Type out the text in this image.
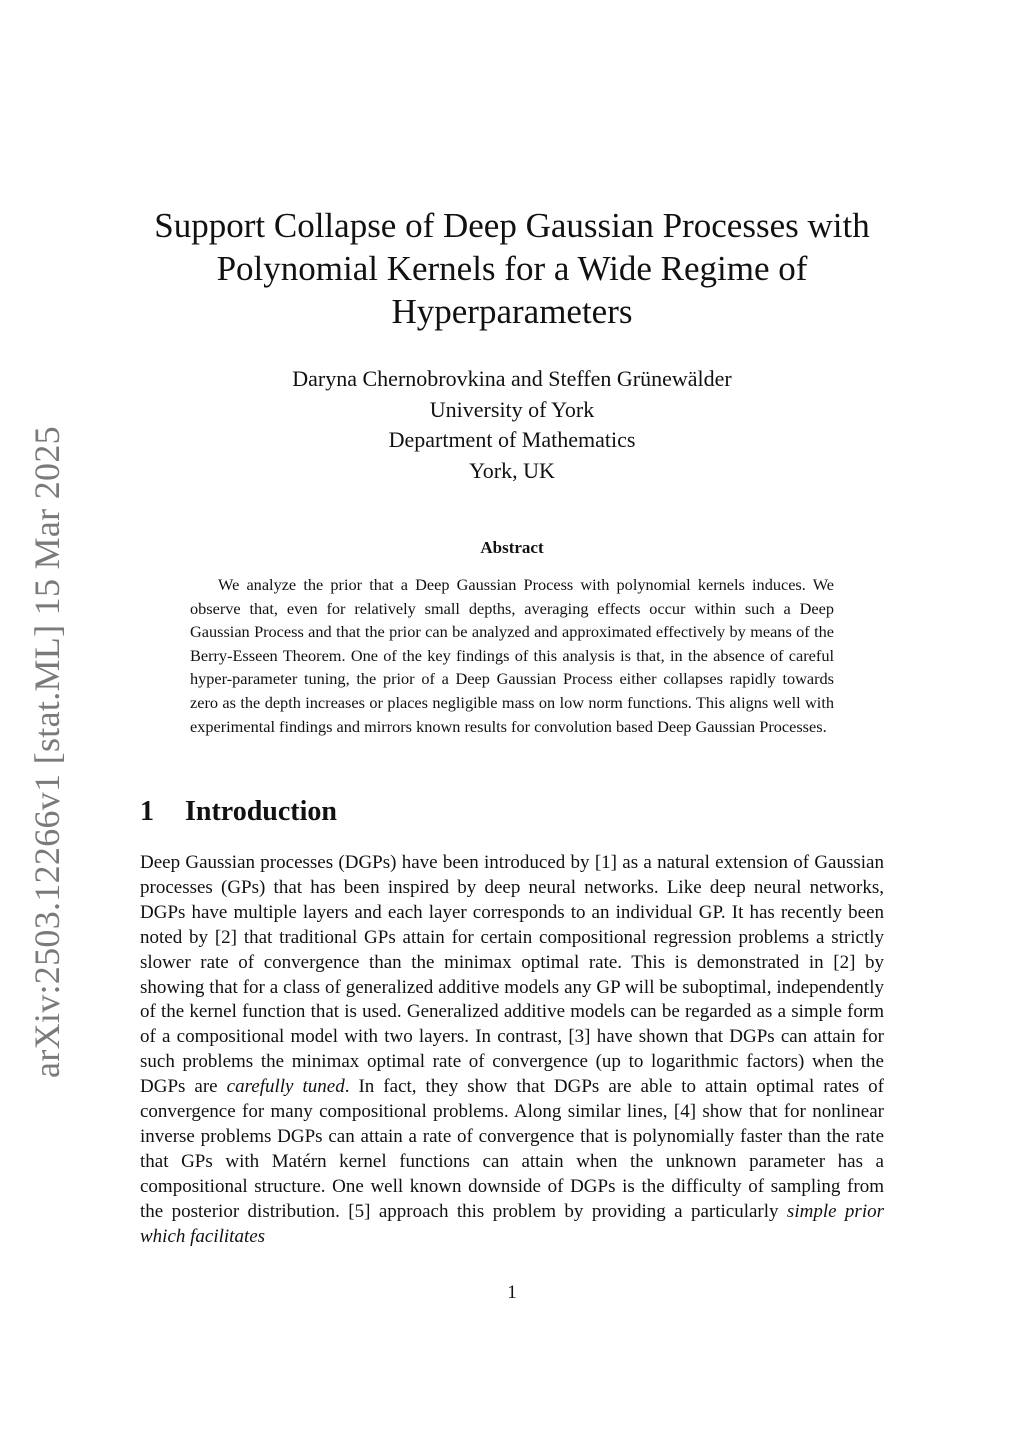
arXiv:2503.12266v1 [stat.ML] 15 Mar 2025
Support Collapse of Deep Gaussian Processes with Polynomial Kernels for a Wide Regime of Hyperparameters
Daryna Chernobrovkina and Steffen Grünewälder
University of York
Department of Mathematics
York, UK
Abstract
We analyze the prior that a Deep Gaussian Process with polynomial kernels induces. We observe that, even for relatively small depths, averaging effects occur within such a Deep Gaussian Process and that the prior can be analyzed and approximated effectively by means of the Berry-Esseen Theorem. One of the key findings of this analysis is that, in the absence of careful hyper-parameter tuning, the prior of a Deep Gaussian Process either collapses rapidly towards zero as the depth increases or places negligible mass on low norm functions. This aligns well with experimental findings and mirrors known results for convolution based Deep Gaussian Processes.
1 Introduction
Deep Gaussian processes (DGPs) have been introduced by [1] as a natural extension of Gaussian processes (GPs) that has been inspired by deep neural networks. Like deep neural networks, DGPs have multiple layers and each layer corresponds to an individual GP. It has recently been noted by [2] that traditional GPs attain for certain compositional regression problems a strictly slower rate of convergence than the minimax optimal rate. This is demonstrated in [2] by showing that for a class of generalized additive models any GP will be suboptimal, independently of the kernel function that is used. Generalized additive models can be regarded as a simple form of a compositional model with two layers. In contrast, [3] have shown that DGPs can attain for such problems the minimax optimal rate of convergence (up to logarithmic factors) when the DGPs are carefully tuned. In fact, they show that DGPs are able to attain optimal rates of convergence for many compositional problems. Along similar lines, [4] show that for nonlinear inverse problems DGPs can attain a rate of convergence that is polynomially faster than the rate that GPs with Matérn kernel functions can attain when the unknown parameter has a compositional structure. One well known downside of DGPs is the difficulty of sampling from the posterior distribution. [5] approach this problem by providing a particularly simple prior which facilitates
1
